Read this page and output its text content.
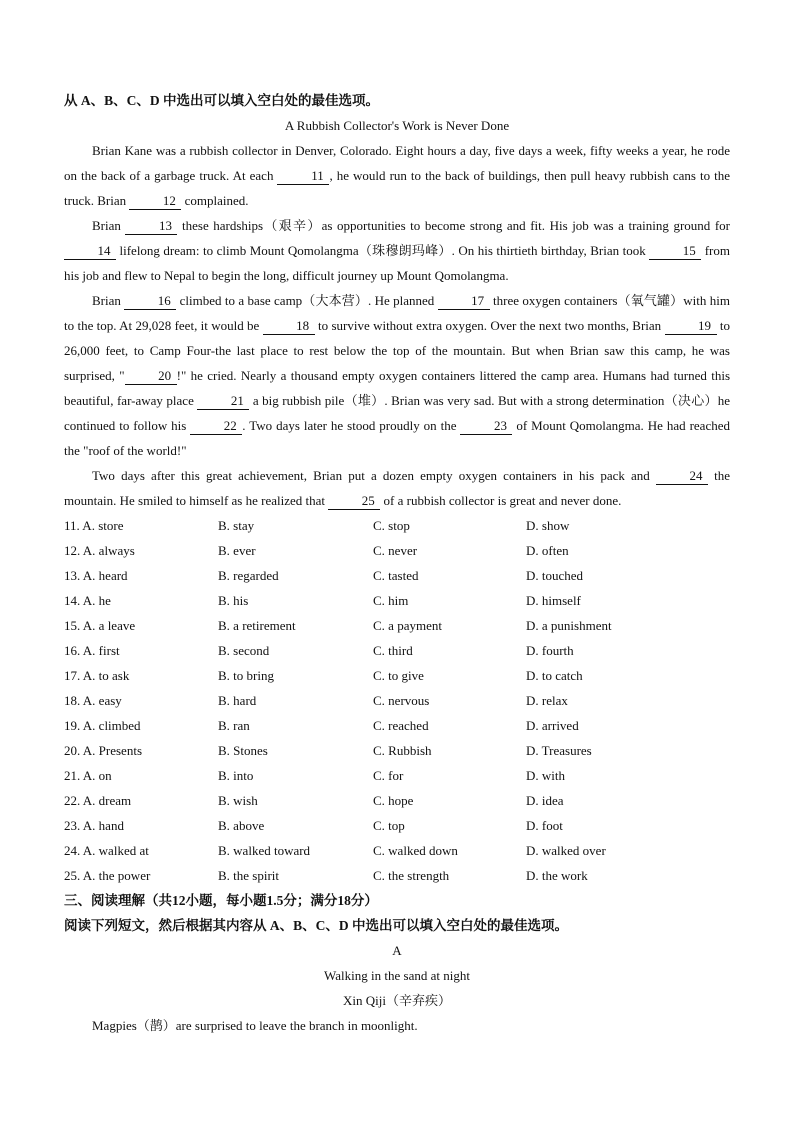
从 A、B、C、D 中选出可以填入空白处的最佳选项。

A Rubbish Collector's Work is Never Done

Brian Kane was a rubbish collector in Denver, Colorado. Eight hours a day, five days a week, fifty weeks a year, he rode on the back of a garbage truck. At each	11 , he would run to the back of buildings, then pull heavy rubbish cans to the truck. Brian	12 complained.

Brian	13 these hardships（艰辛）as opportunities to become strong and fit. His job was a training ground for 14 lifelong dream: to climb Mount Qomolangma（珠穆朗玛峰）. On his thirtieth birthday, Brian took	15 from his job and flew to Nepal to begin the long, difficult journey up Mount Qomolangma.

Brian	16 climbed to a base camp（大本营）. He planned	17 three oxygen containers（氧气罐）with him to the top. At 29,028 feet, it would be	18 to survive without extra oxygen. Over the next two months, Brian	19 to 26,000 feet, to Camp Four-the last place to rest below the top of the mountain. But when Brian saw this camp, he was surprised, "	20 !" he cried. Nearly a thousand empty oxygen containers littered the camp area. Humans had turned this beautiful, far-away place	21 a big rubbish pile（堆）. Brian was very sad. But with a strong determination（决心）he continued to follow his	22 . Two days later he stood proudly on the	23 of Mount Qomolangma. He had reached the "roof of the world!"

Two days after this great achievement, Brian put a dozen empty oxygen containers in his pack and	24 the mountain. He smiled to himself as he realized that	25 of a rubbish collector is great and never done.

11. A. store	B. stay	C. stop	D. show
12. A. always	B. ever	C. never	D. often
13. A. heard	B. regarded	C. tasted	D. touched
14. A. he	B. his	C. him	D. himself
15. A. a leave	B. a retirement	C. a payment	D. a punishment
16. A. first	B. second	C. third	D. fourth
17. A. to ask	B. to bring	C. to give	D. to catch
18. A. easy	B. hard	C. nervous	D. relax
19. A. climbed	B. ran	C. reached	D. arrived
20. A. Presents	B. Stones	C. Rubbish	D. Treasures
21. A. on	B. into	C. for	D. with
22. A. dream	B. wish	C. hope	D. idea
23. A. hand	B. above	C. top	D. foot
24. A. walked at	B. walked toward	C. walked down	D. walked over
25. A. the power	B. the spirit	C. the strength	D. the work

三、阅读理解（共12小题，每小题1.5分；满分18分）

阅读下列短文，然后根据其内容从 A、B、C、D 中选出可以填入空白处的最佳选项。

A

Walking in the sand at night

Xin Qiji（辛弃疾）

Magpies（鹊）are surprised to leave the branch in moonlight.
